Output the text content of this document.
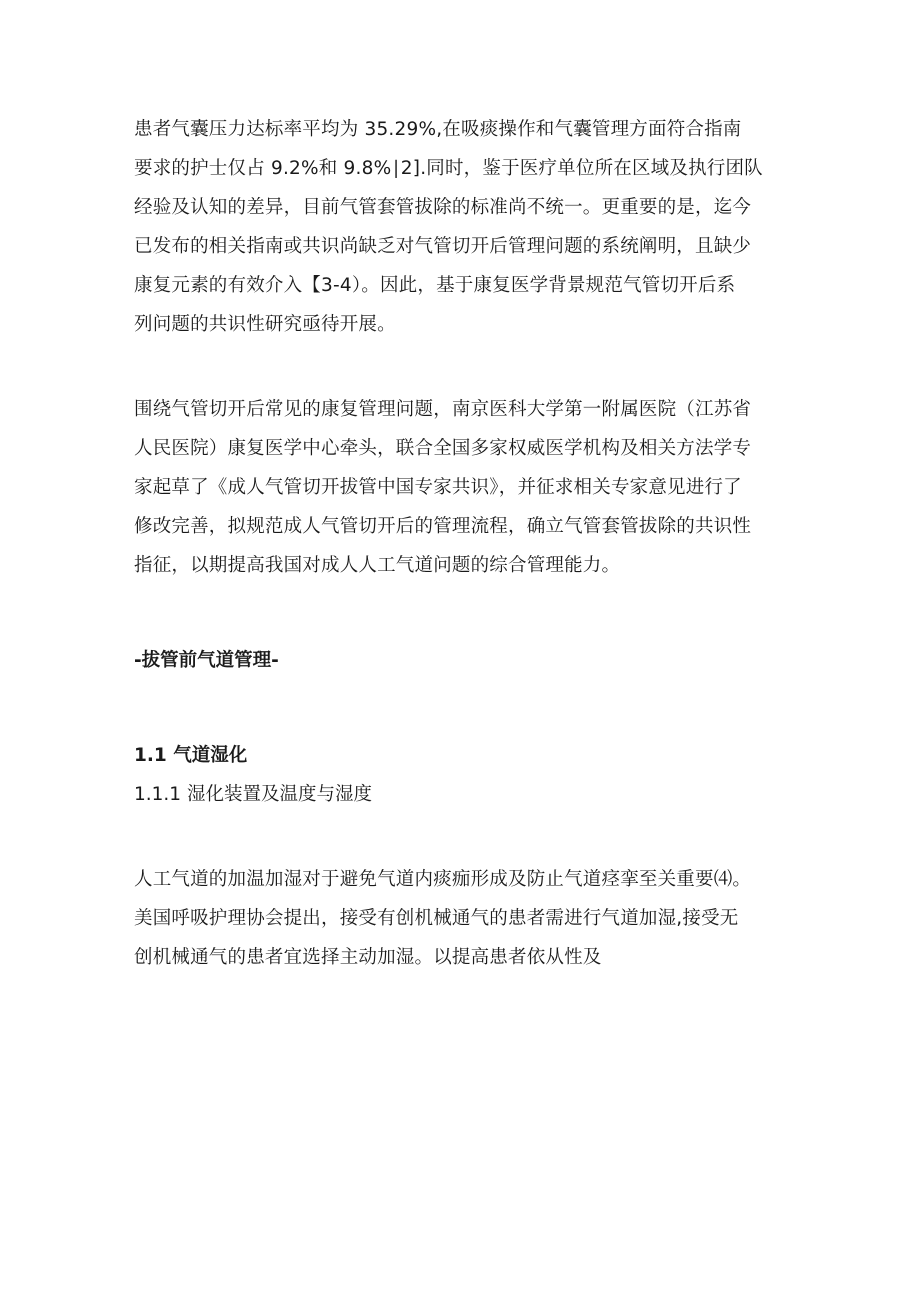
患者气囊压力达标率平均为 35.29%,在吸痰操作和气囊管理方面符合指南
要求的护士仅占 9.2%和 9.8%∣2].同时，鉴于医疗单位所在区域及执行团队
经验及认知的差异，目前气管套管拔除的标准尚不统一。更重要的是，迄今
已发布的相关指南或共识尚缺乏对气管切开后管理问题的系统阐明，且缺少
康复元素的有效介入【3-4）。因此，基于康复医学背景规范气管切开后系
列问题的共识性研究亟待开展。

围绕气管切开后常见的康复管理问题，南京医科大学第一附属医院（江苏省
人民医院）康复医学中心牵头，联合全国多家权威医学机构及相关方法学专
家起草了《成人气管切开拔管中国专家共识》，并征求相关专家意见进行了
修改完善，拟规范成人气管切开后的管理流程，确立气管套管拔除的共识性
指征，以期提高我国对成人人工气道问题的综合管理能力。

-拔管前气道管理-

1.1 气道湿化

1.1.1 湿化装置及温度与湿度

人工气道的加温加湿对于避免气道内痰痂形成及防止气道痉挛至关重要⑷。
美国呼吸护理协会提出，接受有创机械通气的患者需进行气道加湿,接受无
创机械通气的患者宜选择主动加湿。以提高患者依从性及
